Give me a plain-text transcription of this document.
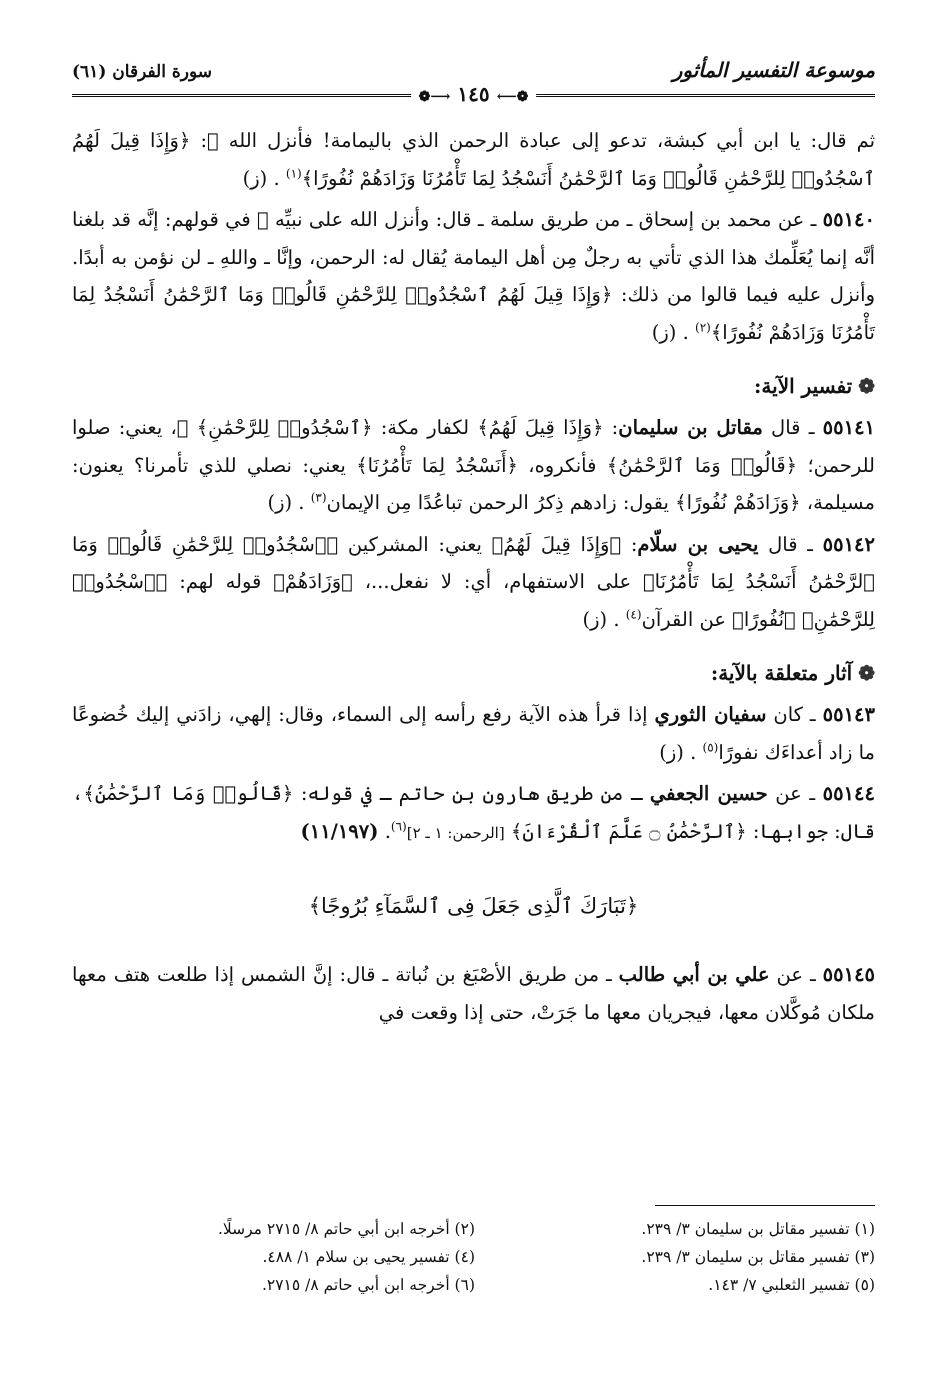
موسوعة التفسير المأثور
سورة الفرقان (٦١)
❁⟶ ١٤٥ ⟵❁

ثم قال: يا ابن أبي كبشة، تدعو إلى عبادة الرحمن الذي باليمامة! فأنزل الله ﷻ: ﴿وَإِذَا قِيلَ لَهُمُ ٱسْجُدُوا۟ لِلرَّحْمَٰنِ قَالُوا۟ وَمَا ٱلرَّحْمَٰنُ أَنَسْجُدُ لِمَا تَأْمُرُنَا وَزَادَهُمْ نُفُورًا﴾$^{(١)}$ . (ز)

٥٥١٤٠ ـ عن محمد بن إسحاق ـ من طريق سلمة ـ قال: وأنزل الله على نبيِّه ﷺ في قولهم: إنَّه قد بلغنا أنَّه إنما يُعَلِّمك هذا الذي تأتي به رجلٌ مِن أهل اليمامة يُقال له: الرحمن، وإنَّا ـ واللهِ ـ لن نؤمن به أبدًا. وأنزل عليه فيما قالوا من ذلك: ﴿وَإِذَا قِيلَ لَهُمُ ٱسْجُدُوا۟ لِلرَّحْمَٰنِ قَالُوا۟ وَمَا ٱلرَّحْمَٰنُ أَنَسْجُدُ لِمَا تَأْمُرُنَا وَزَادَهُمْ نُفُورًا﴾$^{(٢)}$ . (ز)

❁تفسير الآية:

٥٥١٤١ ـ قال مقاتل بن سليمان: ﴿وَإِذَا قِيلَ لَهُمُ﴾ لكفار مكة: ﴿ٱسْجُدُوا۟ لِلرَّحْمَٰنِ﴾ ﷻ، يعني: صلوا للرحمن؛ ﴿قَالُوا۟ وَمَا ٱلرَّحْمَٰنُ﴾ فأنكروه، ﴿أَنَسْجُدُ لِمَا تَأْمُرُنَا﴾ يعني: نصلي للذي تأمرنا؟ يعنون: مسيلمة، ﴿وَزَادَهُمْ نُفُورًا﴾ يقول: زادهم ذِكرُ الرحمن تباعُدًا مِن الإيمان$^{(٣)}$ . (ز)

٥٥١٤٢ ـ قال يحيى بن سلّام: ﴿وَإِذَا قِيلَ لَهُمُ﴾ يعني: المشركين ﴿ٱسْجُدُوا۟ لِلرَّحْمَٰنِ قَالُوا۟ وَمَا ٱلرَّحْمَٰنُ أَنَسْجُدُ لِمَا تَأْمُرُنَا﴾ على الاستفهام، أي: لا نفعل...، ﴿وَزَادَهُمْ﴾ قوله لهم: ﴿ٱسْجُدُوا۟ لِلرَّحْمَٰنِ﴾ ﴿نُفُورًا﴾ عن القرآن$^{(٤)}$ . (ز)

❁آثار متعلقة بالآية:

٥٥١٤٣ ـ كان سفيان الثوري إذا قرأ هذه الآية رفع رأسه إلى السماء، وقال: إلهي، زادَني إليك خُضوعًا ما زاد أعداءَك نفورًا$^{(٥)}$ . (ز)

٥٥١٤٤ ـ عن حسين الجعفي ـ من طريق هارون بن حاتم ـ في قوله: ﴿قَالُوا۟ وَمَا ٱلرَّحْمَٰنُ﴾، قال: جوابها: ﴿ٱلرَّحْمَٰنُ ۝ عَلَّمَ ٱلْقُرْءَانَ﴾ [الرحمن: ١ ـ ٢]$^{(٦)}$. (١١/١٩٧)

﴿تَبَارَكَ ٱلَّذِى جَعَلَ فِى ٱلسَّمَآءِ بُرُوجًا﴾

٥٥١٤٥ ـ عن علي بن أبي طالب ـ من طريق الأصْبَغ بن نُباتة ـ قال: إنَّ الشمس إذا طلعت هتف معها ملكان مُوكَّلان معها، فيجريان معها ما جَرَتْ، حتى إذا وقعت في

(١) تفسير مقاتل بن سليمان ٣/ ٢٣٩.
(٣) تفسير مقاتل بن سليمان ٣/ ٢٣٩.
(٥) تفسير الثعلبي ٧/ ١٤٣.
(٢) أخرجه ابن أبي حاتم ٨/ ٢٧١٥ مرسلًا.
(٤) تفسير يحيى بن سلام ١/ ٤٨٨.
(٦) أخرجه ابن أبي حاتم ٨/ ٢٧١٥.
